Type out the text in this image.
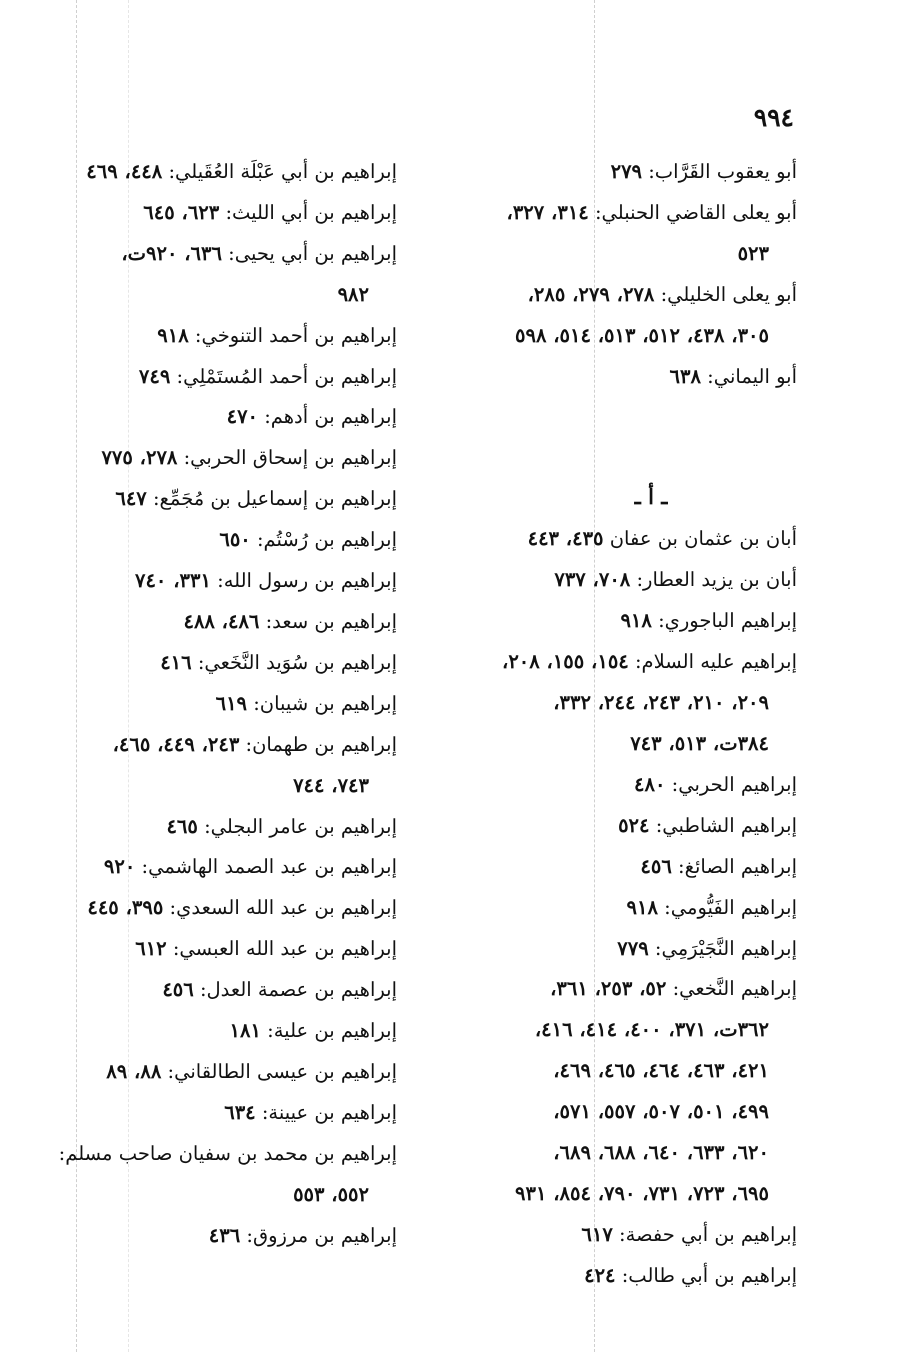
٩٩٤
أبو يعقوب القَرَّاب: ٢٧٩
أبو يعلى القاضي الحنبلي: ٣١٤، ٣٢٧،
٥٢٣
أبو يعلى الخليلي: ٢٧٨، ٢٧٩، ٢٨٥،
٣٠٥، ٤٣٨، ٥١٢، ٥١٣، ٥١٤، ٥٩٨
أبو اليماني: ٦٣٨
ـ أ ـ
أبان بن عثمان بن عفان ٤٣٥، ٤٤٣
أبان بن يزيد العطار: ٧٠٨، ٧٣٧
إبراهيم الباجوري: ٩١٨
إبراهيم عليه السلام: ١٥٤، ١٥٥، ٢٠٨،
٢٠٩، ٢١٠، ٢٤٣، ٢٤٤، ٣٣٢،
٣٨٤ت، ٥١٣، ٧٤٣
إبراهيم الحربي: ٤٨٠
إبراهيم الشاطبي: ٥٢٤
إبراهيم الصائغ: ٤٥٦
إبراهيم الفَيُّومي: ٩١٨
إبراهيم النَّجَيْرَمِي: ٧٧٩
إبراهيم النَّخعي: ٥٢، ٢٥٣، ٣٦١،
٣٦٢ت، ٣٧١، ٤٠٠، ٤١٤، ٤١٦،
٤٢١، ٤٦٣، ٤٦٤، ٤٦٥، ٤٦٩،
٤٩٩، ٥٠١، ٥٠٧، ٥٥٧، ٥٧١،
٦٢٠، ٦٣٣، ٦٤٠، ٦٨٨، ٦٨٩،
٦٩٥، ٧٢٣، ٧٣١، ٧٩٠، ٨٥٤، ٩٣١
إبراهيم بن أبي حفصة: ٦١٧
إبراهيم بن أبي طالب: ٤٢٤
إبراهيم بن أبي عَبْلَة العُقَيلي: ٤٤٨، ٤٦٩
إبراهيم بن أبي الليث: ٦٢٣، ٦٤٥
إبراهيم بن أبي يحيى: ٦٣٦، ٩٢٠ت،
٩٨٢
إبراهيم بن أحمد التنوخي: ٩١٨
إبراهيم بن أحمد المُستَمْلِي: ٧٤٩
إبراهيم بن أدهم: ٤٧٠
إبراهيم بن إسحاق الحربي: ٢٧٨، ٧٧٥
إبراهيم بن إسماعيل بن مُجَمِّع: ٦٤٧
إبراهيم بن رُسْتُم: ٦٥٠
إبراهيم بن رسول الله: ٣٣١، ٧٤٠
إبراهيم بن سعد: ٤٨٦، ٤٨٨
إبراهيم بن سُوَيد النَّخَعي: ٤١٦
إبراهيم بن شيبان: ٦١٩
إبراهيم بن طهمان: ٢٤٣، ٤٤٩، ٤٦٥،
٧٤٣، ٧٤٤
إبراهيم بن عامر البجلي: ٤٦٥
إبراهيم بن عبد الصمد الهاشمي: ٩٢٠
إبراهيم بن عبد الله السعدي: ٣٩٥، ٤٤٥
إبراهيم بن عبد الله العبسي: ٦١٢
إبراهيم بن عصمة العدل: ٤٥٦
إبراهيم بن علية: ١٨١
إبراهيم بن عيسى الطالقاني: ٨٨، ٨٩
إبراهيم بن عيينة: ٦٣٤
إبراهيم بن محمد بن سفيان صاحب مسلم:
٥٥٢، ٥٥٣
إبراهيم بن مرزوق: ٤٣٦
